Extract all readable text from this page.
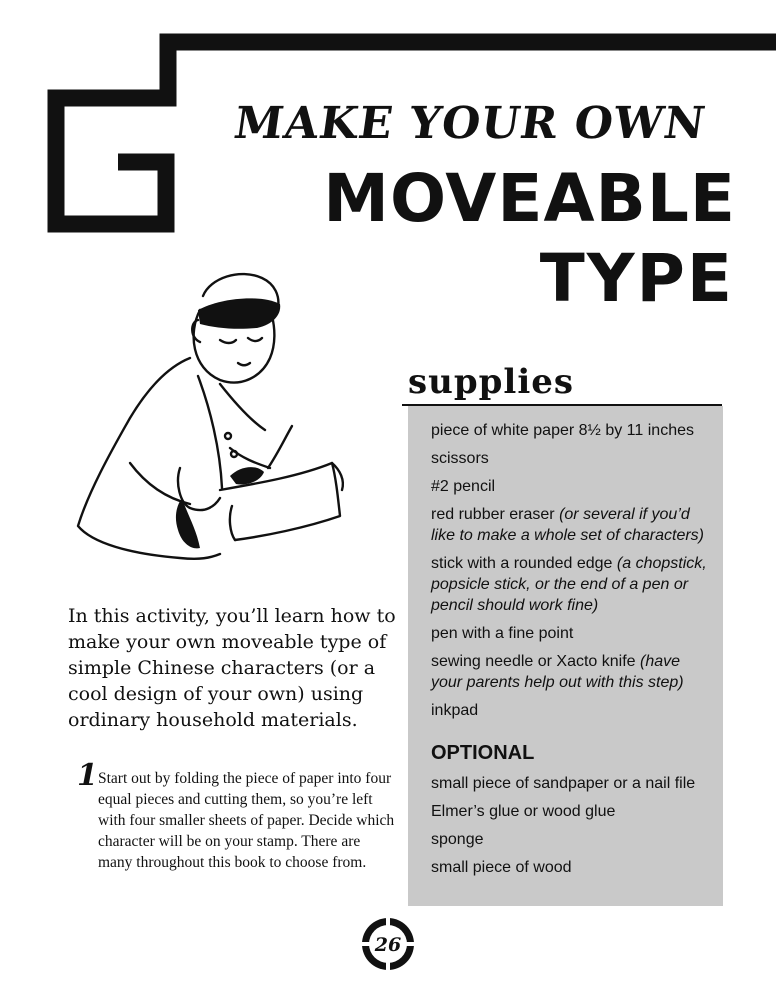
MAKE YOUR OWN
MOVEABLE
TYPE
supplies
piece of white paper 8½ by 11 inches
scissors
#2 pencil
red rubber eraser (or several if you’d like to make a whole set of characters)
stick with a rounded edge (a chopstick, popsicle stick, or the end of a pen or pencil should work fine)
pen with a fine point
sewing needle or Xacto knife (have your parents help out with this step)
inkpad
OPTIONAL
small piece of sandpaper or a nail file
Elmer’s glue or wood glue
sponge
small piece of wood
In this activity, you’ll learn how to make your own moveable type of simple Chinese characters (or a cool design of your own) using ordinary household materials.
1 Start out by folding the piece of paper into four equal pieces and cutting them, so you’re left with four smaller sheets of paper. Decide which character will be on your stamp. There are many throughout this book to choose from.
26
